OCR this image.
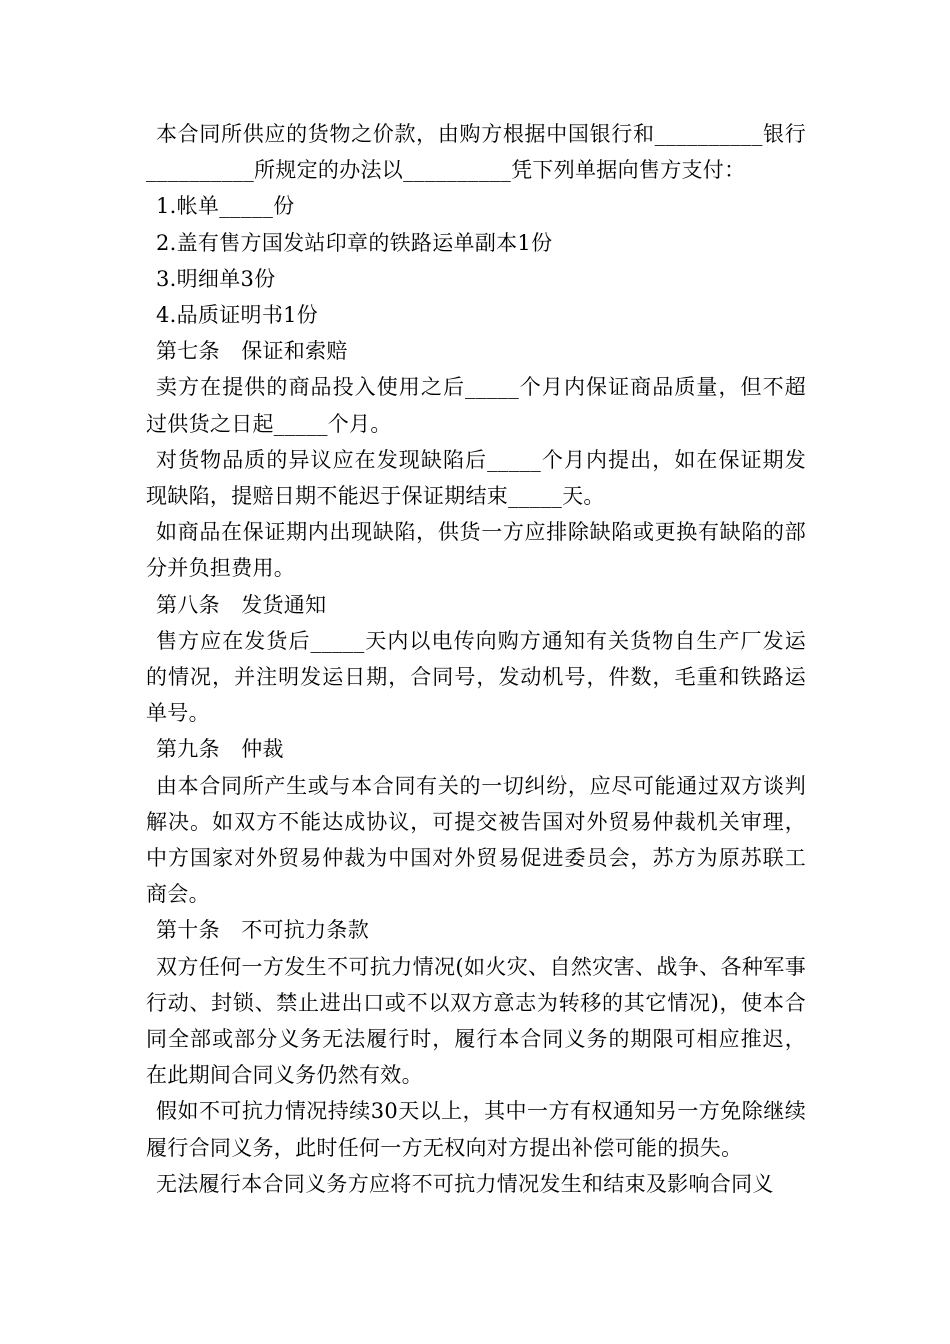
本合同所供应的货物之价款，由购方根据中国银行和__________银行__________所规定的办法以__________凭下列单据向售方支付：

1.帐单_____份

2.盖有售方国发站印章的铁路运单副本1份

3.明细单3份

4.品质证明书1份

第七条　保证和索赔

卖方在提供的商品投入使用之后_____个月内保证商品质量，但不超过供货之日起_____个月。

对货物品质的异议应在发现缺陷后_____个月内提出，如在保证期发现缺陷，提赔日期不能迟于保证期结束_____天。

如商品在保证期内出现缺陷，供货一方应排除缺陷或更换有缺陷的部分并负担费用。

第八条　发货通知

售方应在发货后_____天内以电传向购方通知有关货物自生产厂发运的情况，并注明发运日期，合同号，发动机号，件数，毛重和铁路运单号。

第九条　仲裁

由本合同所产生或与本合同有关的一切纠纷，应尽可能通过双方谈判解决。如双方不能达成协议，可提交被告国对外贸易仲裁机关审理，中方国家对外贸易仲裁为中国对外贸易促进委员会，苏方为原苏联工商会。

第十条　不可抗力条款

双方任何一方发生不可抗力情况(如火灾、自然灾害、战争、各种军事行动、封锁、禁止进出口或不以双方意志为转移的其它情况)，使本合同全部或部分义务无法履行时，履行本合同义务的期限可相应推迟，在此期间合同义务仍然有效。

假如不可抗力情况持续30天以上，其中一方有权通知另一方免除继续履行合同义务，此时任何一方无权向对方提出补偿可能的损失。

无法履行本合同义务方应将不可抗力情况发生和结束及影响合同义
